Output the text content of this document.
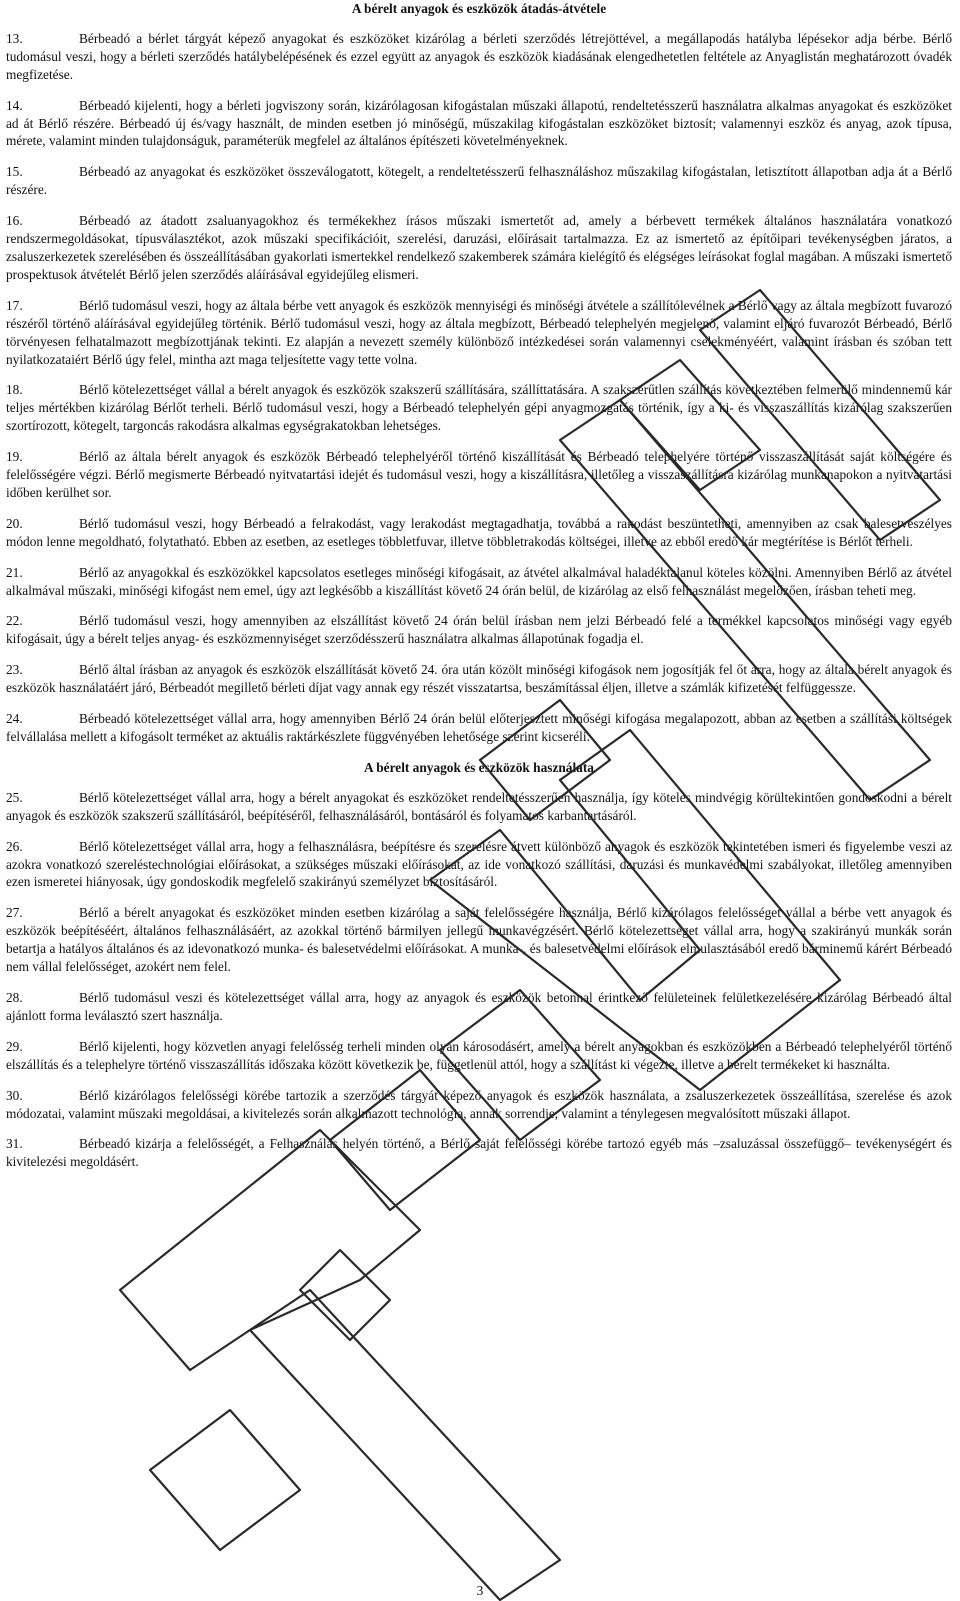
A bérelt anyagok és eszközök átadás-átvétele
13.	Bérbeadó a bérlet tárgyát képező anyagokat és eszközöket kizárólag a bérleti szerződés létrejöttével, a megállapodás hatályba lépésekor adja bérbe. Bérlő tudomásul veszi, hogy a bérleti szerződés hatálybelépésének és ezzel együtt az anyagok és eszközök kiadásának elengedhetetlen feltétele az Anyaglistán meghatározott óvadék megfizetése.
14.	Bérbeadó kijelenti, hogy a bérleti jogviszony során, kizárólagosan kifogástalan műszaki állapotú, rendeltetésszerű használatra alkalmas anyagokat és eszközöket ad át Bérlő részére. Bérbeadó új és/vagy használt, de minden esetben jó minőségű, műszakilag kifogástalan eszközöket biztosít; valamennyi eszköz és anyag, azok típusa, mérete, valamint minden tulajdonságuk, paraméterük megfelel az általános építészeti követelményeknek.
15.	Bérbeadó az anyagokat és eszközöket összeválogatott, kötegelt, a rendeltetésszerű felhasználáshoz műszakilag kifogástalan, letisztított állapotban adja át a Bérlő részére.
16.	Bérbeadó az átadott zsaluanyagokhoz és termékekhez írásos műszaki ismertetőt ad, amely a bérbevett termékek általános használatára vonatkozó rendszermegoldásokat, típusválasztékot, azok műszaki specifikációit, szerelési, daruzási, előírásait tartalmazza. Ez az ismertető az építőipari tevékenységben járatos, a zsaluszerkezetek szerelésében és összeállításában gyakorlati ismertekkel rendelkező szakemberek számára kielégítő és elégséges leírásokat foglal magában. A műszaki ismertető prospektusok átvételét Bérlő jelen szerződés aláírásával egyidejűleg elismeri.
17.	Bérlő tudomásul veszi, hogy az általa bérbe vett anyagok és eszközök mennyiségi és minőségi átvétele a szállítólevélnek a Bérlő vagy az általa megbízott fuvarozó részéről történő aláírásával egyidejűleg történik. Bérlő tudomásul veszi, hogy az általa megbízott, Bérbeadó telephelyén megjelenő, valamint eljáró fuvarozót Bérbeadó, Bérlő törvényesen felhatalmazott megbízottjának tekinti. Ez alapján a nevezett személy különböző intézkedései során valamennyi cselekményéért, valamint írásban és szóban tett nyilatkozataiért Bérlő úgy felel, mintha azt maga teljesítette vagy tette volna.
18.	Bérlő kötelezettséget vállal a bérelt anyagok és eszközök szakszerű szállítására, szállíttatására. A szakszerűtlen szállítás következtében felmerülő mindennemű kár teljes mértékben kizárólag Bérlőt terheli. Bérlő tudomásul veszi, hogy a Bérbeadó telephelyén gépi anyagmozgatás történik, így a ki- és visszaszállítás kizárólag szakszerűen szortírozott, kötegelt, targoncás rakodásra alkalmas egységrakatokban lehetséges.
19.	Bérlő az általa bérelt anyagok és eszközök Bérbeadó telephelyéről történő kiszállítását és Bérbeadó telephelyére történő visszaszállítását saját költségére és felelősségére végzi. Bérlő megismerte Bérbeadó nyitvatartási idejét és tudomásul veszi, hogy a kiszállításra, illetőleg a visszaszállításra kizárólag munkanapokon a nyitvatartási időben kerülhet sor.
20.	Bérlő tudomásul veszi, hogy Bérbeadó a felrakodást, vagy lerakodást megtagadhatja, továbbá a rakodást beszüntetheti, amennyiben az csak balesetveszélyes módon lenne megoldható, folytatható. Ebben az esetben, az esetleges többletfuvar, illetve többletrakodás költségei, illetve az ebből eredő kár megtérítése is Bérlőt terheli.
21.	Bérlő az anyagokkal és eszközökkel kapcsolatos esetleges minőségi kifogásait, az átvétel alkalmával haladéktalanul köteles közölni. Amennyiben Bérlő az átvétel alkalmával műszaki, minőségi kifogást nem emel, úgy azt legkésőbb a kiszállítást követő 24 órán belül, de kizárólag az első felhasználást megelőzően, írásban teheti meg.
22.	Bérlő tudomásul veszi, hogy amennyiben az elszállítást követő 24 órán belül írásban nem jelzi Bérbeadó felé a termékkel kapcsolatos minőségi vagy egyéb kifogásait, úgy a bérelt teljes anyag- és eszközmennyiséget szerződésszerű használatra alkalmas állapotúnak fogadja el.
23.	Bérlő által írásban az anyagok és eszközök elszállítását követő 24. óra után közölt minőségi kifogások nem jogosítják fel őt arra, hogy az általa bérelt anyagok és eszközök használatáért járó, Bérbeadót megillető bérleti díjat vagy annak egy részét visszatartsa, beszámítással éljen, illetve a számlák kifizetését felfüggessze.
24.	Bérbeadó kötelezettséget vállal arra, hogy amennyiben Bérlő 24 órán belül előterjesztett minőségi kifogása megalapozott, abban az esetben a szállítási költségek felvállalása mellett a kifogásolt terméket az aktuális raktárkészlete függvényében lehetősége szerint kicseréli.
A bérelt anyagok és eszközök használata
25.	Bérlő kötelezettséget vállal arra, hogy a bérelt anyagokat és eszközöket rendeltetésszerűen használja, így köteles mindvégig körültekintően gondoskodni a bérelt anyagok és eszközök szakszerű szállításáról, beépítéséről, felhasználásáról, bontásáról és folyamatos karbantartásáról.
26.	Bérlő kötelezettséget vállal arra, hogy a felhasználásra, beépítésre és szerelésre átvett különböző anyagok és eszközök tekintetében ismeri és figyelembe veszi az azokra vonatkozó szereléstechnológiai előírásokat, a szükséges műszaki előírásokat, az ide vonatkozó szállítási, daruzási és munkavédelmi szabályokat, illetőleg amennyiben ezen ismeretei hiányosak, úgy gondoskodik megfelelő szakirányú személyzet biztosításáról.
27.	Bérlő a bérelt anyagokat és eszközöket minden esetben kizárólag a saját felelősségére használja, Bérlő kizárólagos felelősséget vállal a bérbe vett anyagok és eszközök beépítéséért, általános felhasználásáért, az azokkal történő bármilyen jellegű munkavégzésért. Bérlő kötelezettséget vállal arra, hogy a szakirányú munkák során betartja a hatályos általános és az idevonatkozó munka- és balesetvédelmi előírásokat. A munka-, és balesetvédelmi előírások elmulasztásából eredő bárminemű kárért Bérbeadó nem vállal felelősséget, azokért nem felel.
28.	Bérlő tudomásul veszi és kötelezettséget vállal arra, hogy az anyagok és eszközök betonnal érintkező felületeinek felületkezelésére kizárólag Bérbeadó által ajánlott forma leválasztó szert használja.
29.	Bérlő kijelenti, hogy közvetlen anyagi felelősség terheli minden olyan károsodásért, amely a bérelt anyagokban és eszközökben a Bérbeadó telephelyéről történő elszállítás és a telephelyre történő visszaszállítás időszaka között következik be, függetlenül attól, hogy a szállítást ki végezte, illetve a bérelt termékeket ki használta.
30.	Bérlő kizárólagos felelősségi körébe tartozik a szerződés tárgyát képező anyagok és eszközök használata, a zsaluszerkezetek összeállítása, szerelése és azok módozatai, valamint műszaki megoldásai, a kivitelezés során alkalmazott technológia, annak sorrendje, valamint a ténylegesen megvalósított műszaki állapot.
31.	Bérbeadó kizárja a felelősségét, a Felhasználás helyén történő, a Bérlő saját felelősségi körébe tartozó egyéb más –zsaluzással összefüggő– tevékenységért és kivitelezési megoldásért.
3
